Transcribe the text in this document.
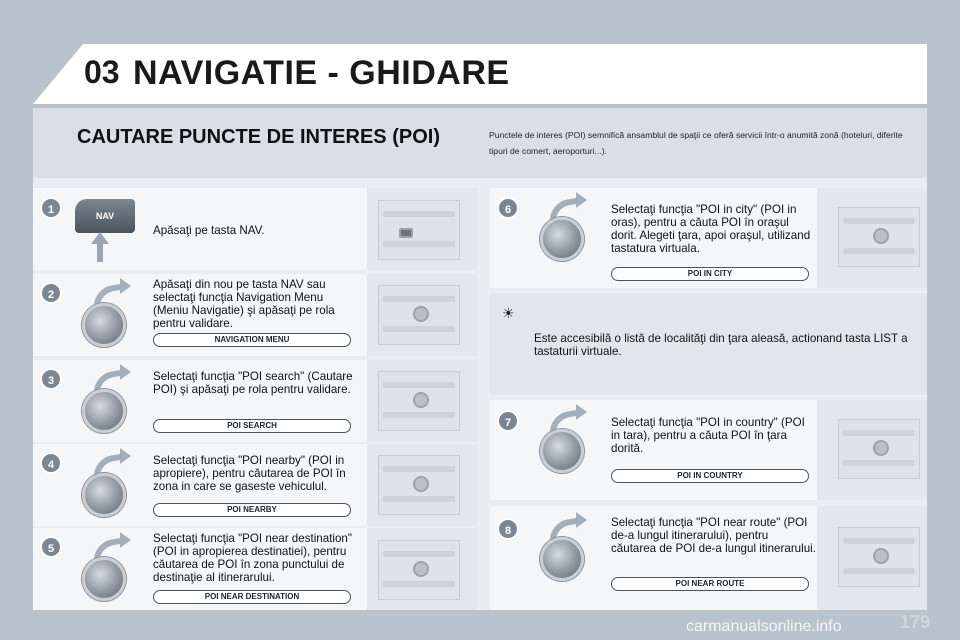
03 NAVIGATIE - GHIDARE
CAUTARE PUNCTE DE INTERES (POI)	Punctele de interes (POI) semnifică ansamblul de spaţii ce oferă servicii într-o anumită zonă (hoteluri, diferite tipuri de comert, aeroporturi...).
1	NAV
Apăsaţi pe tasta NAV.
2
Apăsaţi din nou pe tasta NAV sau selectaţi funcţia Navigation Menu (Meniu Navigatie) şi apăsaţi pe rola pentru validare.
NAVIGATION MENU
3	Selectaţi funcţia "POI search" (Cautare POI) şi apăsaţi pe rola pentru validare.
POI SEARCH
4	Selectaţi funcţia "POI nearby" (POI in apropiere), pentru căutarea de POI în zona in care se gaseste vehiculul.
POI NEARBY
5
Selectaţi funcţia "POI near destination" (POI in apropierea destinatiei), pentru căutarea de POI în zona punctului de destinaţie al itinerarului.
POI NEAR DESTINATION
6	Selectaţi funcţia "POI in city" (POI in oras), pentru a căuta POI în oraşul dorit. Alegeti ţara, apoi oraşul, utilizand tastatura virtuala.
POI IN CITY
☀
Este accesibilă o listă de localităţi din ţara aleasă, actionand tasta LIST a tastaturii virtuale.
7	Selectaţi funcţia "POI in country" (POI in tara), pentru a căuta POI în ţara dorită.
POI IN COUNTRY
8
Selectaţi funcţia "POI near route" (POI de-a lungul itinerarului), pentru căutarea de POI de-a lungul itinerarului.
POI NEAR ROUTE
carmanualsonline.info	179
